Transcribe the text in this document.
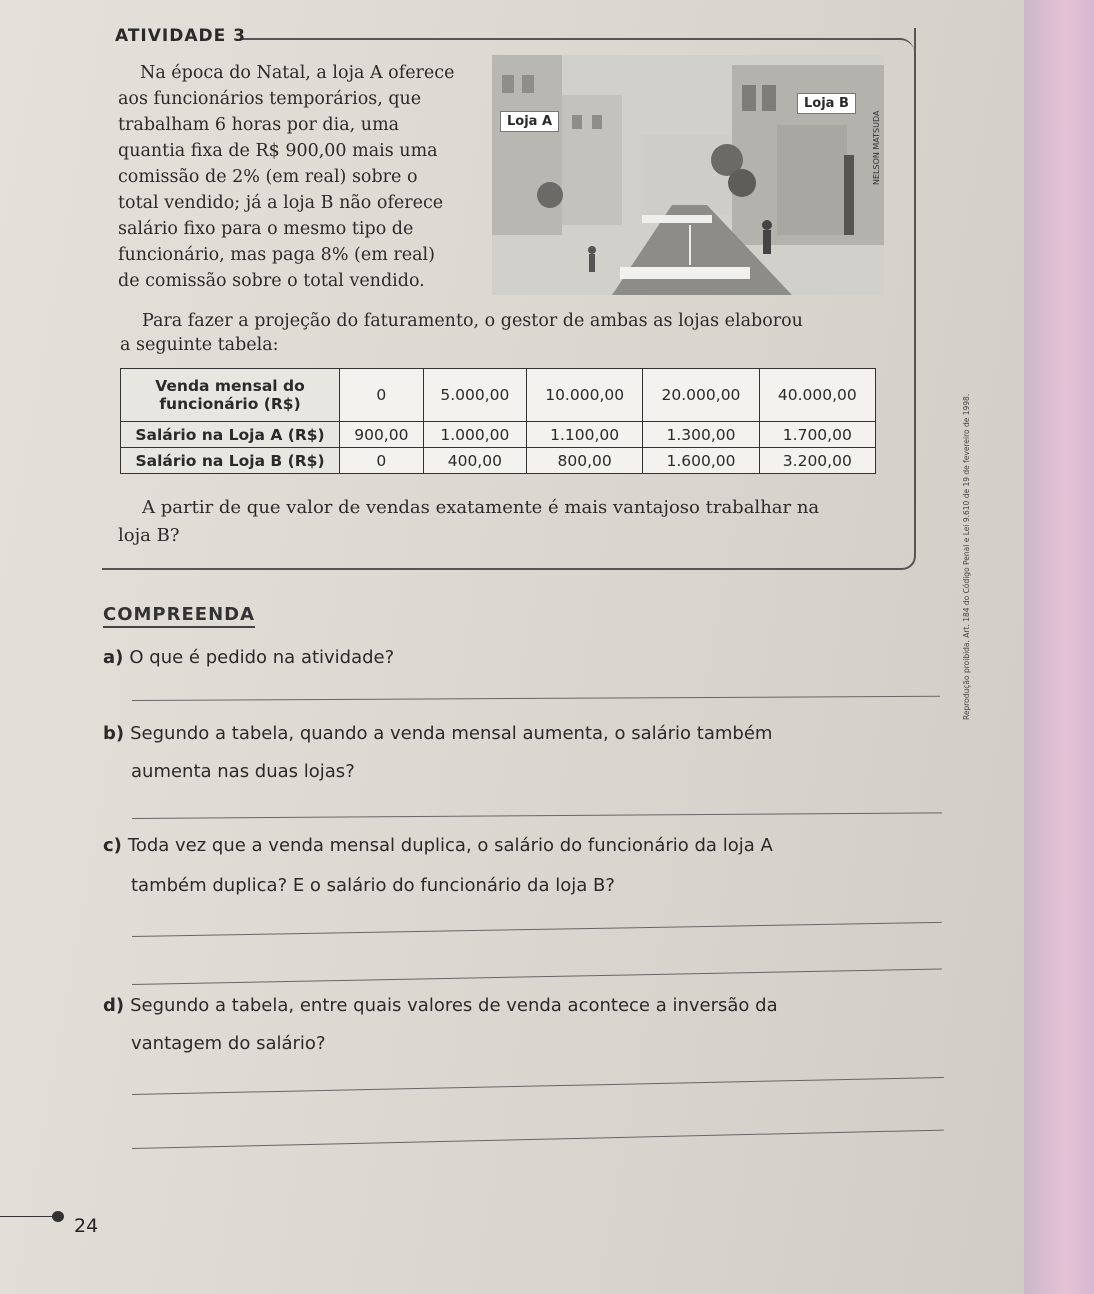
ATIVIDADE 3

Na época do Natal, a loja A oferece

aos funcionários temporários, que
trabalham 6 horas por dia, uma
quantia fixa de R$ 900,00 mais uma
comissão de 2% (em real) sobre o
total vendido; já a loja B não oferece
salário fixo para o mesmo tipo de
funcionário, mas paga 8% (em real)
de comissão sobre o total vendido.
Loja A
Loja B
NELSON MATSUDA

Para fazer a projeção do faturamento, o gestor de ambas as lojas elaborou

a seguinte tabela:
Venda mensal do funcionário (R$)	0	5.000,00	10.000,00	20.000,00	40.000,00
Salário na Loja A (R$)	900,00	1.000,00	1.100,00	1.300,00	1.700,00
Salário na Loja B (R$)	0	400,00	800,00	1.600,00	3.200,00

A partir de que valor de vendas exatamente é mais vantajoso trabalhar na

loja B?	Reprodução proibida. Art. 184 do Código Penal e Lei 9.610 de 19 de fevereiro de 1998.
COMPREENDA
a) O que é pedido na atividade?
b) Segundo a tabela, quando a venda mensal aumenta, o salário também
aumenta nas duas lojas?
c) Toda vez que a venda mensal duplica, o salário do funcionário da loja A
também duplica? E o salário do funcionário da loja B?
d) Segundo a tabela, entre quais valores de venda acontece a inversão da
vantagem do salário?
24
